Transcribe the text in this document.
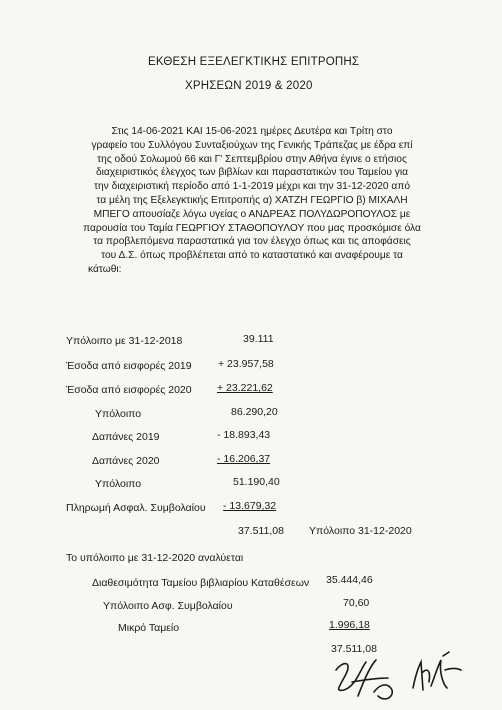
ΕΚΘΕΣΗ ΕΞΕΛΕΓΚΤΙΚΗΣ ΕΠΙΤΡΟΠΗΣ
ΧΡΗΣΕΩΝ 2019 & 2020
Στις 14-06-2021 ΚΑΙ 15-06-2021 ημέρες Δευτέρα και Τρίτη στο
γραφείο του Συλλόγου Συνταξιούχων της Γενικής Τράπεζας με έδρα επί
της οδού Σολωμού 66 και Γ' Σεπτεμβρίου στην Αθήνα έγινε ο ετήσιος
διαχειριστικός έλεγχος των βιβλίων και παραστατικών του Ταμείου για
την διαχειριστική περίοδο από 1-1-2019 μέχρι και την 31-12-2020 από
τα μέλη της Εξελεγκτικής Επιτροπής α) ΧΑΤΖΗ ΓΕΩΡΓΙΟ β) ΜΙΧΑΛΗ
ΜΠΕΓΟ απουσίαζε λόγω υγείας ο ΑΝΔΡΕΑΣ ΠΟΛΥΔΩΡΟΠΟΥΛΟΣ με
παρουσία του Ταμία ΓΕΩΡΓΙΟΥ ΣΤΑΘΟΠΟΥΛΟΥ που μας προσκόμισε όλα
τα προβλεπόμενα παραστατικά για τον έλεγχο όπως και τις αποφάσεις
του Δ.Σ. όπως προβλέπεται από το καταστατικό και αναφέρουμε τα
κάτωθι:
Υπόλοιπο με 31-12-2018	39.111
Έσοδα από εισφορές 2019	+ 23.957,58
Έσοδα από εισφορές 2020 + 23.221,62
Υπόλοιπο	86.290,20
Δαπάνες 2019	- 18.893,43
Δαπάνες 2020	- 16.206,37
Υπόλοιπο	51.190,40
Πληρωμή Ασφαλ. Συμβολαίου - 13.679,32
37.511,08 Υπόλοιπο 31-12-2020
Το υπόλοιπο με 31-12-2020 αναλύεται
Διαθεσιμότητα Ταμείου βιβλιαρίου Καταθέσεων 35.444,46
Υπόλοιπο Ασφ. Συμβολαίου	70,60
Μικρό Ταμείο	1.996,18
37.511,08
